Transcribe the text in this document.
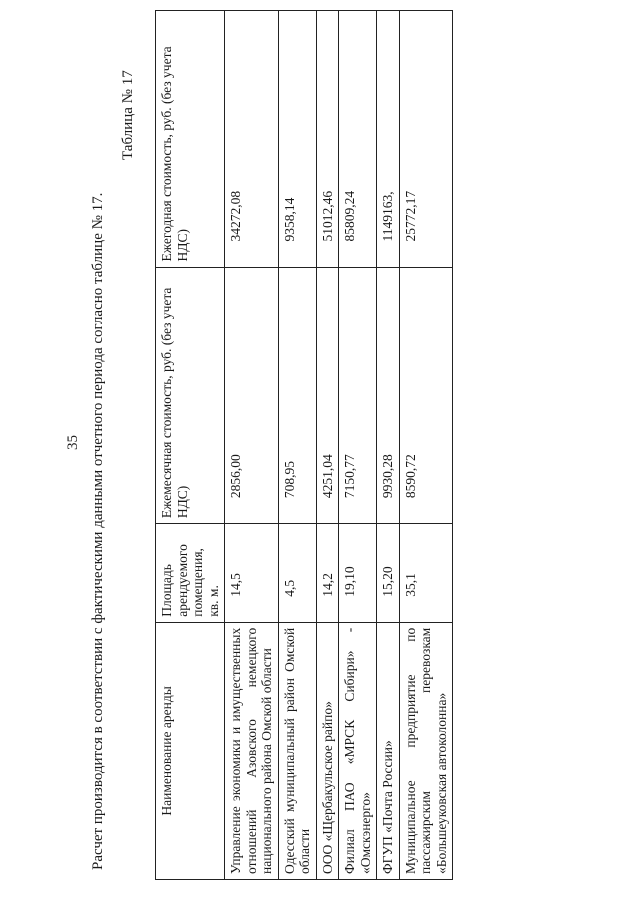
35 Расчет производится в соответствии с фактическими данными отчетного периода согласно таблице № 17.
Таблица № 17
Наименование аренды	Площадь арендуемого помещения, кв. м.	Ежемесячная стоимость, руб. (без учета НДС)	Ежегодная стоимость, руб. (без учета НДС)
Управление экономики и имущественных отношений Азовского немецкого национального района Омской области	14,5	2856,00	34272,08
Одесский муниципальный район Омской области	4,5	708,95	9358,14
ООО «Щербакульское райпо»	14,2	4251,04	51012,46
Филиал ПАО «МРСК Сибири» - «Омскэнерго»	19,10	7150,77	85809,24
ФГУП «Почта России»	15,20	9930,28	1149163,
Муниципальное предприятие по пассажирским перевозкам «Большеуковская автоколонна»	35,1	8590,72	25772,17
